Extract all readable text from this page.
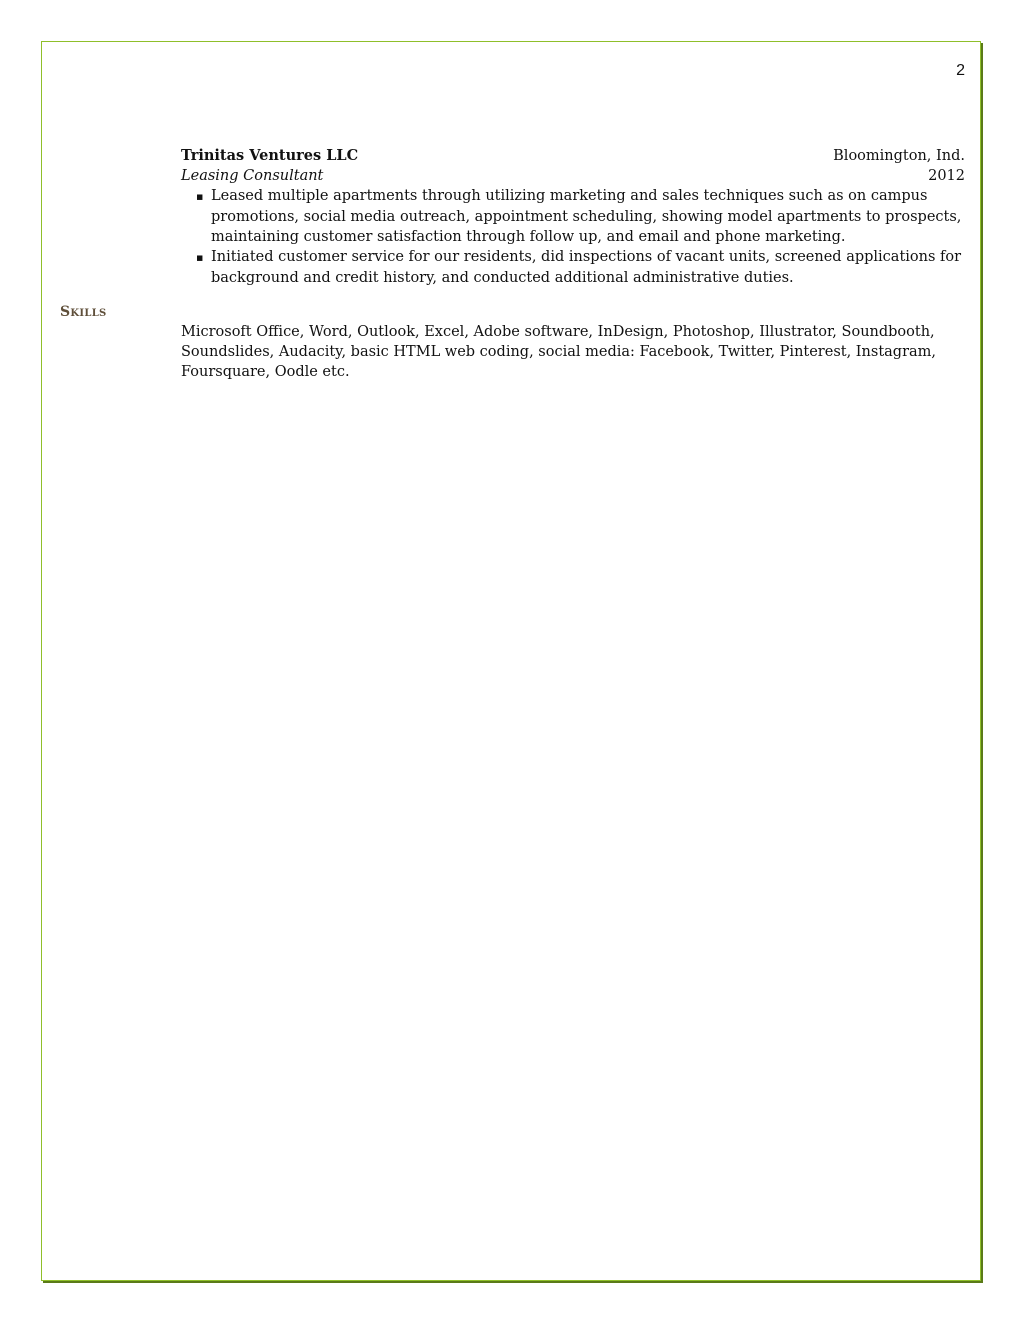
2
Trinitas Ventures LLC	Bloomington, Ind.
Leasing Consultant	2012
▪ Leased multiple apartments through utilizing marketing and sales techniques such as on campus promotions, social media outreach, appointment scheduling, showing model apartments to prospects, maintaining customer satisfaction through follow up, and email and phone marketing.
▪ Initiated customer service for our residents, did inspections of vacant units, screened applications for background and credit history, and conducted additional administrative duties.
Skills
Microsoft Office, Word, Outlook, Excel, Adobe software, InDesign, Photoshop, Illustrator, Soundbooth, Soundslides, Audacity, basic HTML web coding, social media: Facebook, Twitter, Pinterest, Instagram, Foursquare, Oodle etc.
